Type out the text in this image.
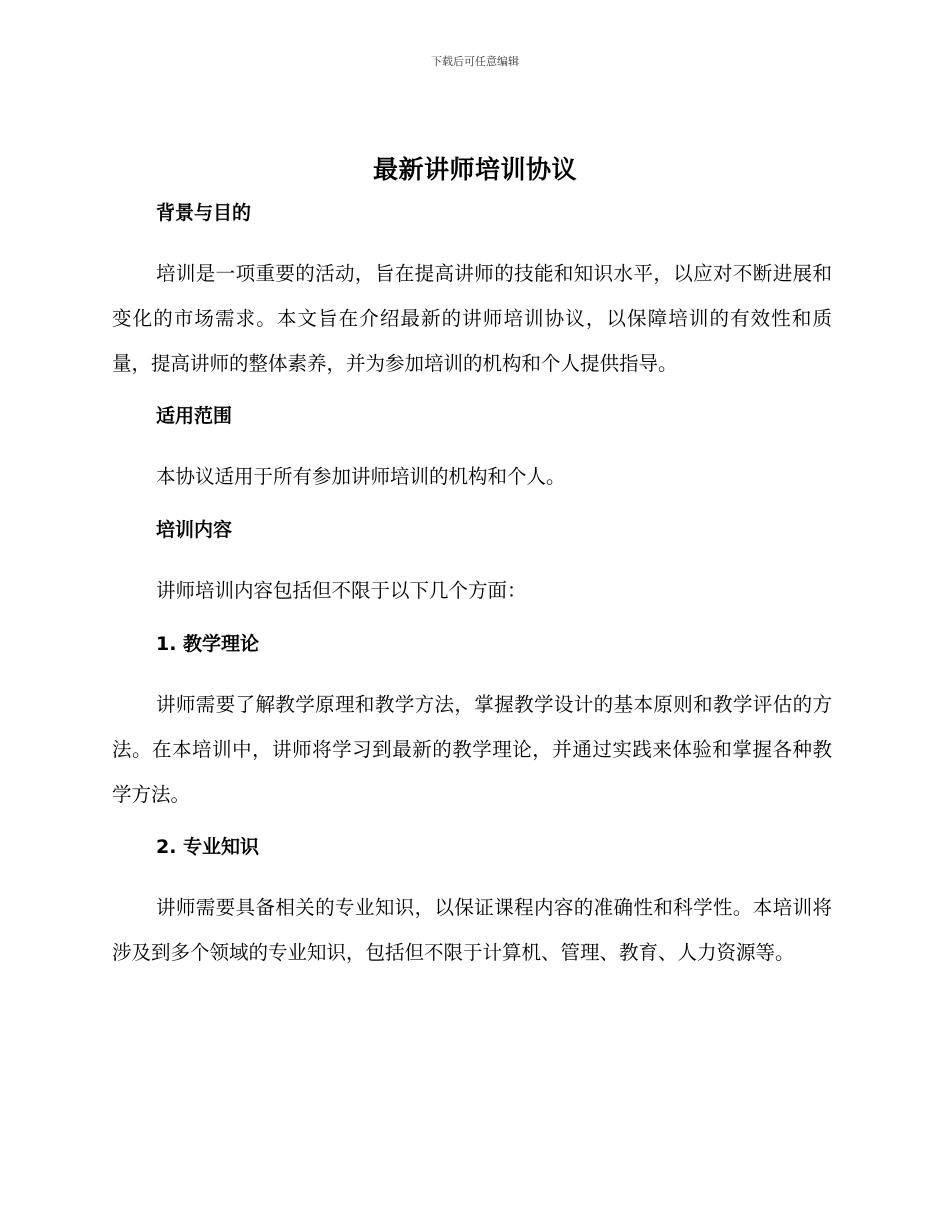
下载后可任意编辑
最新讲师培训协议
背景与目的

培训是一项重要的活动，旨在提高讲师的技能和知识水平，以应对不断进展和变化的市场需求。本文旨在介绍最新的讲师培训协议，以保障培训的有效性和质量，提高讲师的整体素养，并为参加培训的机构和个人提供指导。

适用范围

本协议适用于所有参加讲师培训的机构和个人。

培训内容

讲师培训内容包括但不限于以下几个方面：

1. 教学理论

讲师需要了解教学原理和教学方法，掌握教学设计的基本原则和教学评估的方法。在本培训中，讲师将学习到最新的教学理论，并通过实践来体验和掌握各种教学方法。

2. 专业知识

讲师需要具备相关的专业知识，以保证课程内容的准确性和科学性。本培训将涉及到多个领域的专业知识，包括但不限于计算机、管理、教育、人力资源等。
